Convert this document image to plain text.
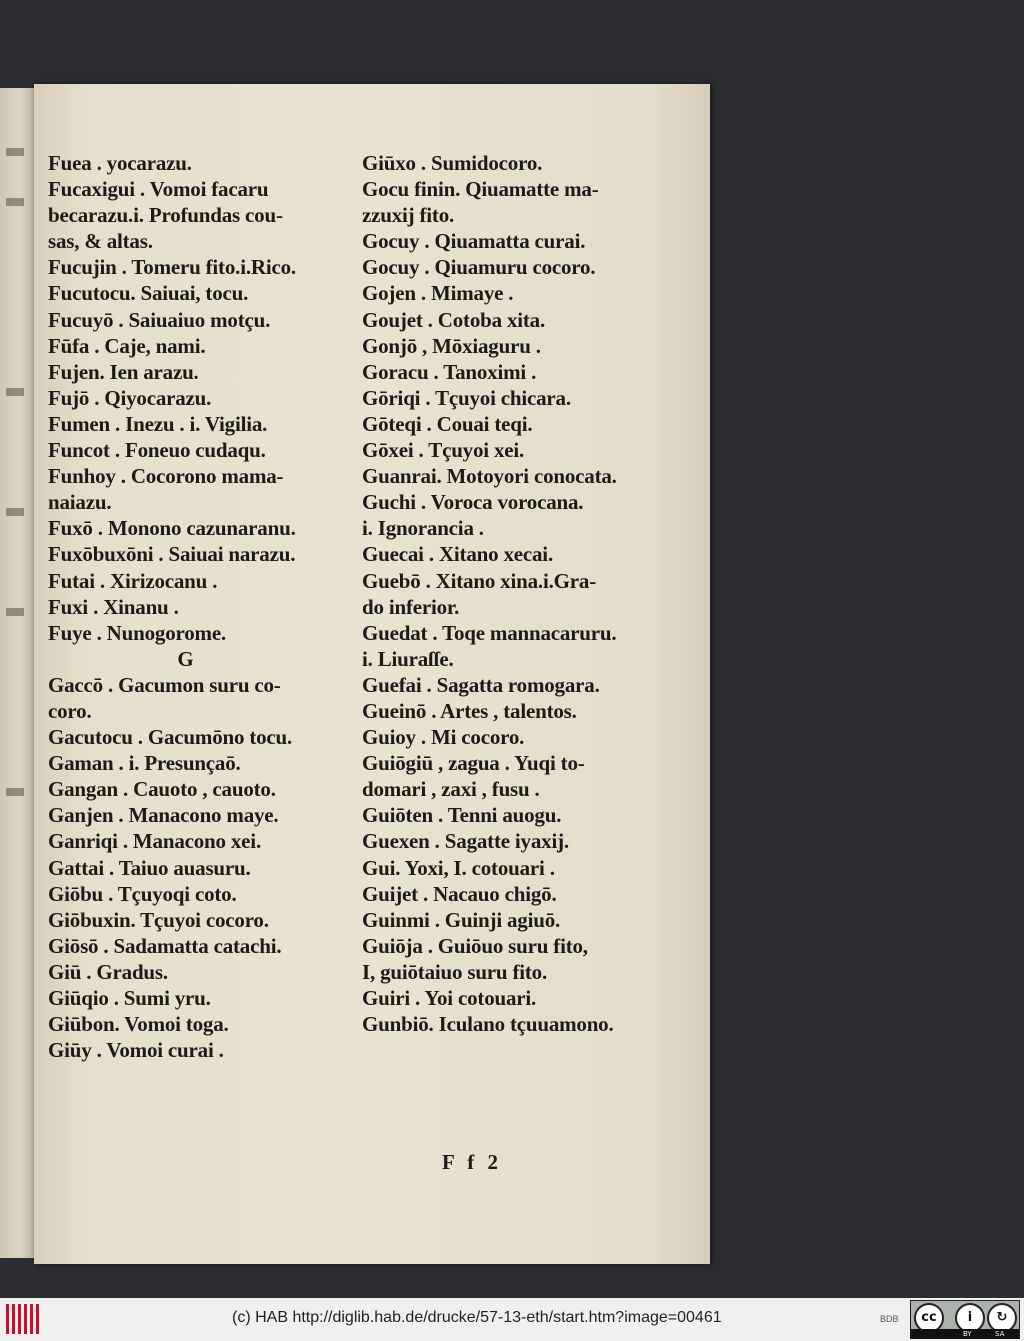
Fuea . yocarazu.
Fucaxigui . Vomoi facaru
becarazu.i. Profundas cou-
sas, & altas.
Fucujin . Tomeru fito.i.Rico.
Fucutocu. Saiuai, tocu.
Fucuyō . Saiuaiuo motçu.
Fūfa . Caje, nami.
Fujen. Ien arazu.
Fujō . Qiyocarazu.
Fumen . Inezu . i. Vigilia.
Funcot . Foneuo cudaqu.
Funhoy . Cocorono mama-
naiazu.
Fuxō . Monono cazunaranu.
Fuxōbuxōni . Saiuai narazu.
Futai . Xirizocanu .
Fuxi . Xinanu .
Fuye . Nunogorome.
G
Gaccō . Gacumon suru co-
coro.
Gacutocu . Gacumōno tocu.
Gaman . i. Presunçaō.
Gangan . Cauoto , cauoto.
Ganjen . Manacono maye.
Ganriqi . Manacono xei.
Gattai . Taiuo auasuru.
Giōbu . Tçuyoqi coto.
Giōbuxin. Tçuyoi cocoro.
Giōsō . Sadamatta catachi.
Giū . Gradus.
Giūqio . Sumi yru.
Giūbon. Vomoi toga.
Giūy . Vomoi curai .
Giūxo . Sumidocoro.
Gocu finin. Qiuamatte ma-
zzuxij fito.
Gocuy . Qiuamatta curai.
Gocuy . Qiuamuru cocoro.
Gojen . Mimaye .
Goujet . Cotoba xita.
Gonjō , Mōxiaguru .
Goracu . Tanoximi .
Gōriqi . Tçuyoi chicara.
Gōteqi . Couai teqi.
Gōxei . Tçuyoi xei.
Guanrai. Motoyori conocata.
Guchi . Voroca vorocana.
i. Ignorancia .
Guecai . Xitano xecai.
Guebō . Xitano xina.i.Gra-
do inferior.
Guedat . Toqe mannacaruru.
i. Liuraſſe.
Guefai . Sagatta romogara.
Gueinō . Artes , talentos.
Guioy . Mi cocoro.
Guiōgiū , zagua . Yuqi to-
domari , zaxi , fusu .
Guiōten . Tenni auogu.
Guexen . Sagatte iyaxij.
Gui. Yoxi, I. cotouari .
Guijet . Nacauo chigō.
Guinmi . Guinji agiuō.
Guiōja . Guiōuo suru fito,
I, guiōtaiuo suru fito.
Guiri . Yoi cotouari.
Gunbiō. Iculano tçuuamono.
F f 2
(c) HAB http://diglib.hab.de/drucke/57-13-eth/start.htm?image=00461	BDB	cc	i	↻
BY	SA
